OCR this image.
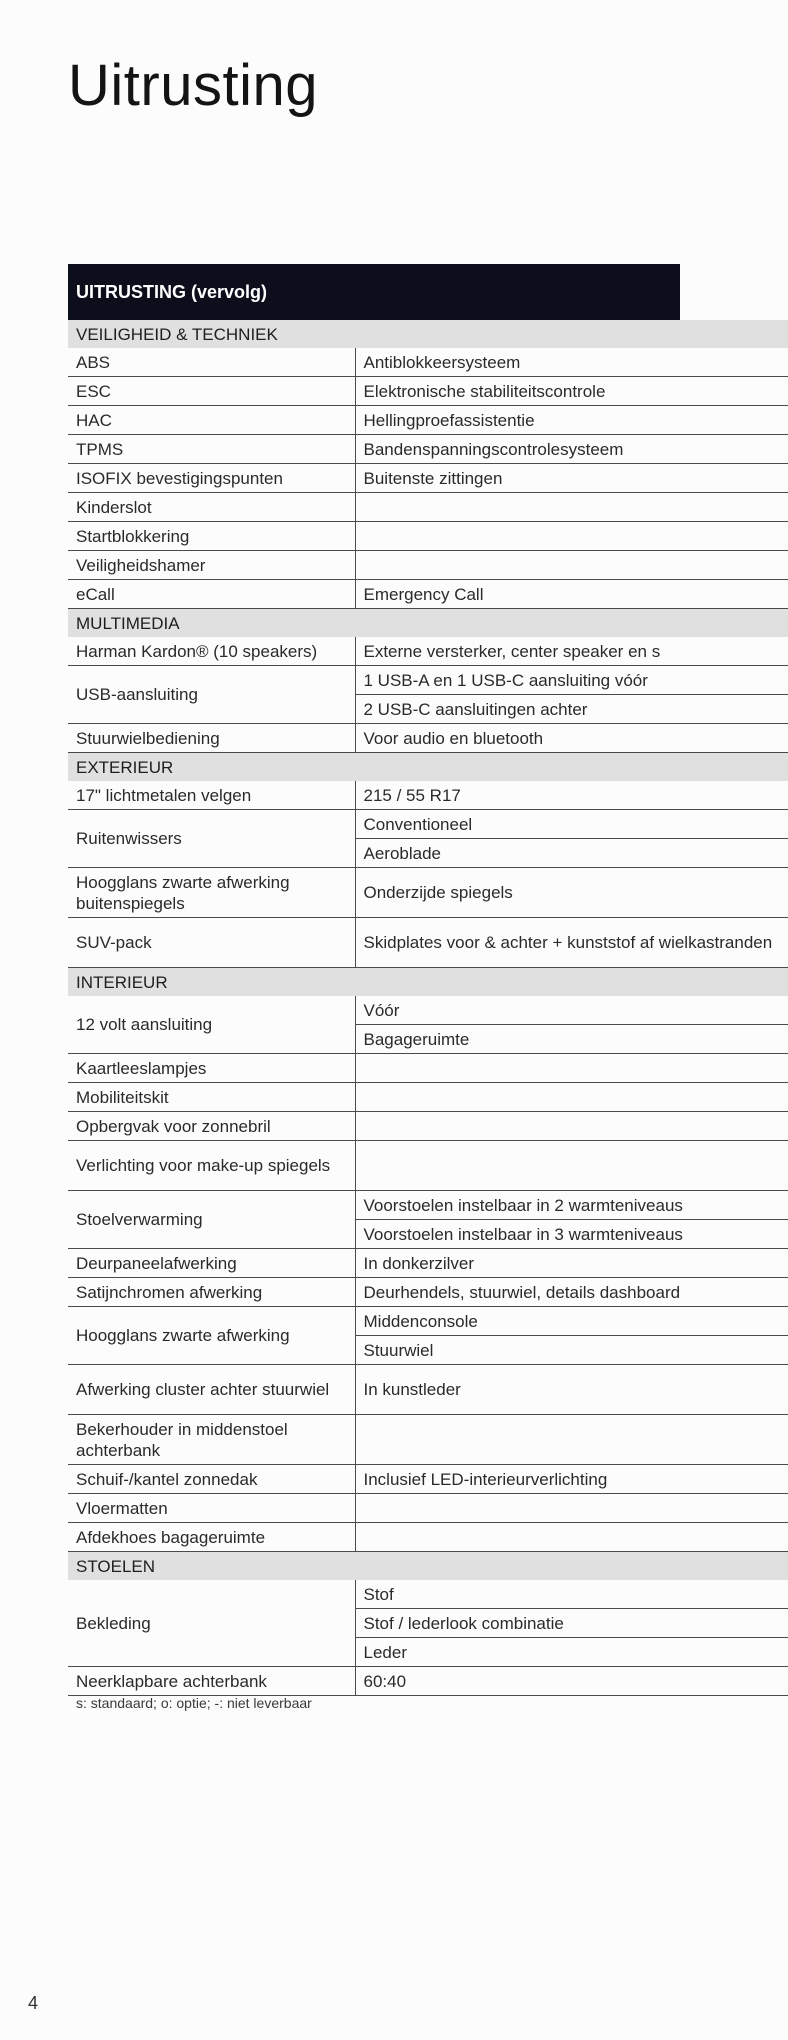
Uitrusting
UITRUSTING (vervolg)
VEILIGHEID & TECHNIEK	
ABS	Antiblokkeersysteem
ESC	Elektronische stabiliteitscontrole
HAC	Hellingproefassistentie
TPMS	Bandenspanningscontrolesysteem
ISOFIX bevestigingspunten	Buitenste zittingen
Kinderslot	
Startblokkering	
Veiligheidshamer	
eCall	Emergency Call
MULTIMEDIA	
Harman Kardon® (10 speakers)	Externe versterker, center speaker en s
USB-aansluiting	1 USB-A en 1 USB-C aansluiting vóór
	2 USB-C aansluitingen achter
Stuurwielbediening	Voor audio en bluetooth
EXTERIEUR	
17" lichtmetalen velgen	215 / 55 R17
Ruitenwissers	Conventioneel
	Aeroblade
Hoogglans zwarte afwerking buitenspiegels	Onderzijde spiegels
SUV-pack	Skidplates voor & achter + kunststof af wielkastranden
INTERIEUR	
12 volt aansluiting	Vóór
	Bagageruimte
Kaartleeslampjes	
Mobiliteitskit	
Opbergvak voor zonnebril	
Verlichting voor make-up spiegels	
Stoelverwarming	Voorstoelen instelbaar in 2 warmteniveaus
	Voorstoelen instelbaar in 3 warmteniveaus
Deurpaneelafwerking	In donkerzilver
Satijnchromen afwerking	Deurhendels, stuurwiel, details dashboard
Hoogglans zwarte afwerking	Middenconsole
	Stuurwiel
Afwerking cluster achter stuurwiel	In kunstleder
Bekerhouder in middenstoel achterbank	
Schuif-/kantel zonnedak	Inclusief LED-interieurverlichting
Vloermatten	
Afdekhoes bagageruimte	
STOELEN	
Bekleding	Stof
	Stof / lederlook combinatie
	Leder
Neerklapbare achterbank	60:40
s: standaard; o: optie; -: niet leverbaar
4
